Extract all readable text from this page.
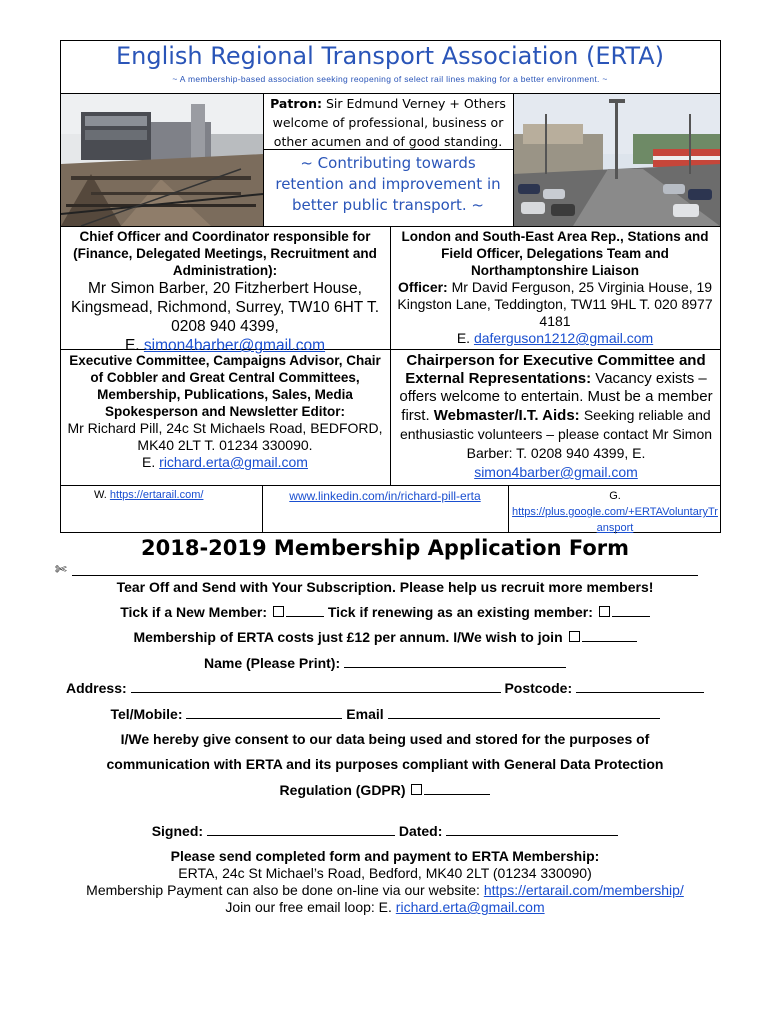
English Regional Transport Association (ERTA)
~ A membership-based association seeking reopening of select rail lines making for a better environment. ~
Patron: Sir Edmund Verney + Others welcome of professional, business or other acumen and of good standing.
~ Contributing towards retention and improvement in better public transport. ~
Chief Officer and Coordinator responsible for (Finance, Delegated Meetings, Recruitment and Administration):
Mr Simon Barber, 20 Fitzherbert House, Kingsmead, Richmond, Surrey, TW10 6HT T. 0208 940 4399,
E. simon4barber@gmail.com
London and South-East Area Rep., Stations and Field Officer, Delegations Team and Northamptonshire Liaison
Officer: Mr David Ferguson, 25 Virginia House, 19 Kingston Lane, Teddington, TW11 9HL T. 020 8977 4181
E. daferguson1212@gmail.com
Executive Committee, Campaigns Advisor, Chair of Cobbler and Great Central Committees, Membership, Publications, Sales, Media Spokesperson and Newsletter Editor:
Mr Richard Pill, 24c St Michaels Road, BEDFORD, MK40 2LT T. 01234 330090.
E. richard.erta@gmail.com
Chairperson for Executive Committee and External Representations: Vacancy exists – offers welcome to entertain. Must be a member first. Webmaster/I.T. Aids: Seeking reliable and enthusiastic volunteers – please contact Mr Simon Barber: T. 0208 940 4399, E. simon4barber@gmail.com
W. https://ertarail.com/	www.linkedin.com/in/richard-pill-erta	G.
https://plus.google.com/+ERTAVoluntaryTransport
2018-2019 Membership Application Form
✄
Tear Off and Send with Your Subscription. Please help us recruit more members!
Tick if a New Member:	Tick if renewing as an existing member:
Membership of ERTA costs just £12 per annum. I/We wish to join
Name (Please Print):
Address:	Postcode:
Tel/Mobile:	Email
I/We hereby give consent to our data being used and stored for the purposes of
communication with ERTA and its purposes compliant with General Data Protection
Regulation (GDPR)
Signed:	Dated:
Please send completed form and payment to ERTA Membership:
ERTA, 24c St Michael’s Road, Bedford, MK40 2LT (01234 330090)
Membership Payment can also be done on-line via our website: https://ertarail.com/membership/
Join our free email loop: E. richard.erta@gmail.com
